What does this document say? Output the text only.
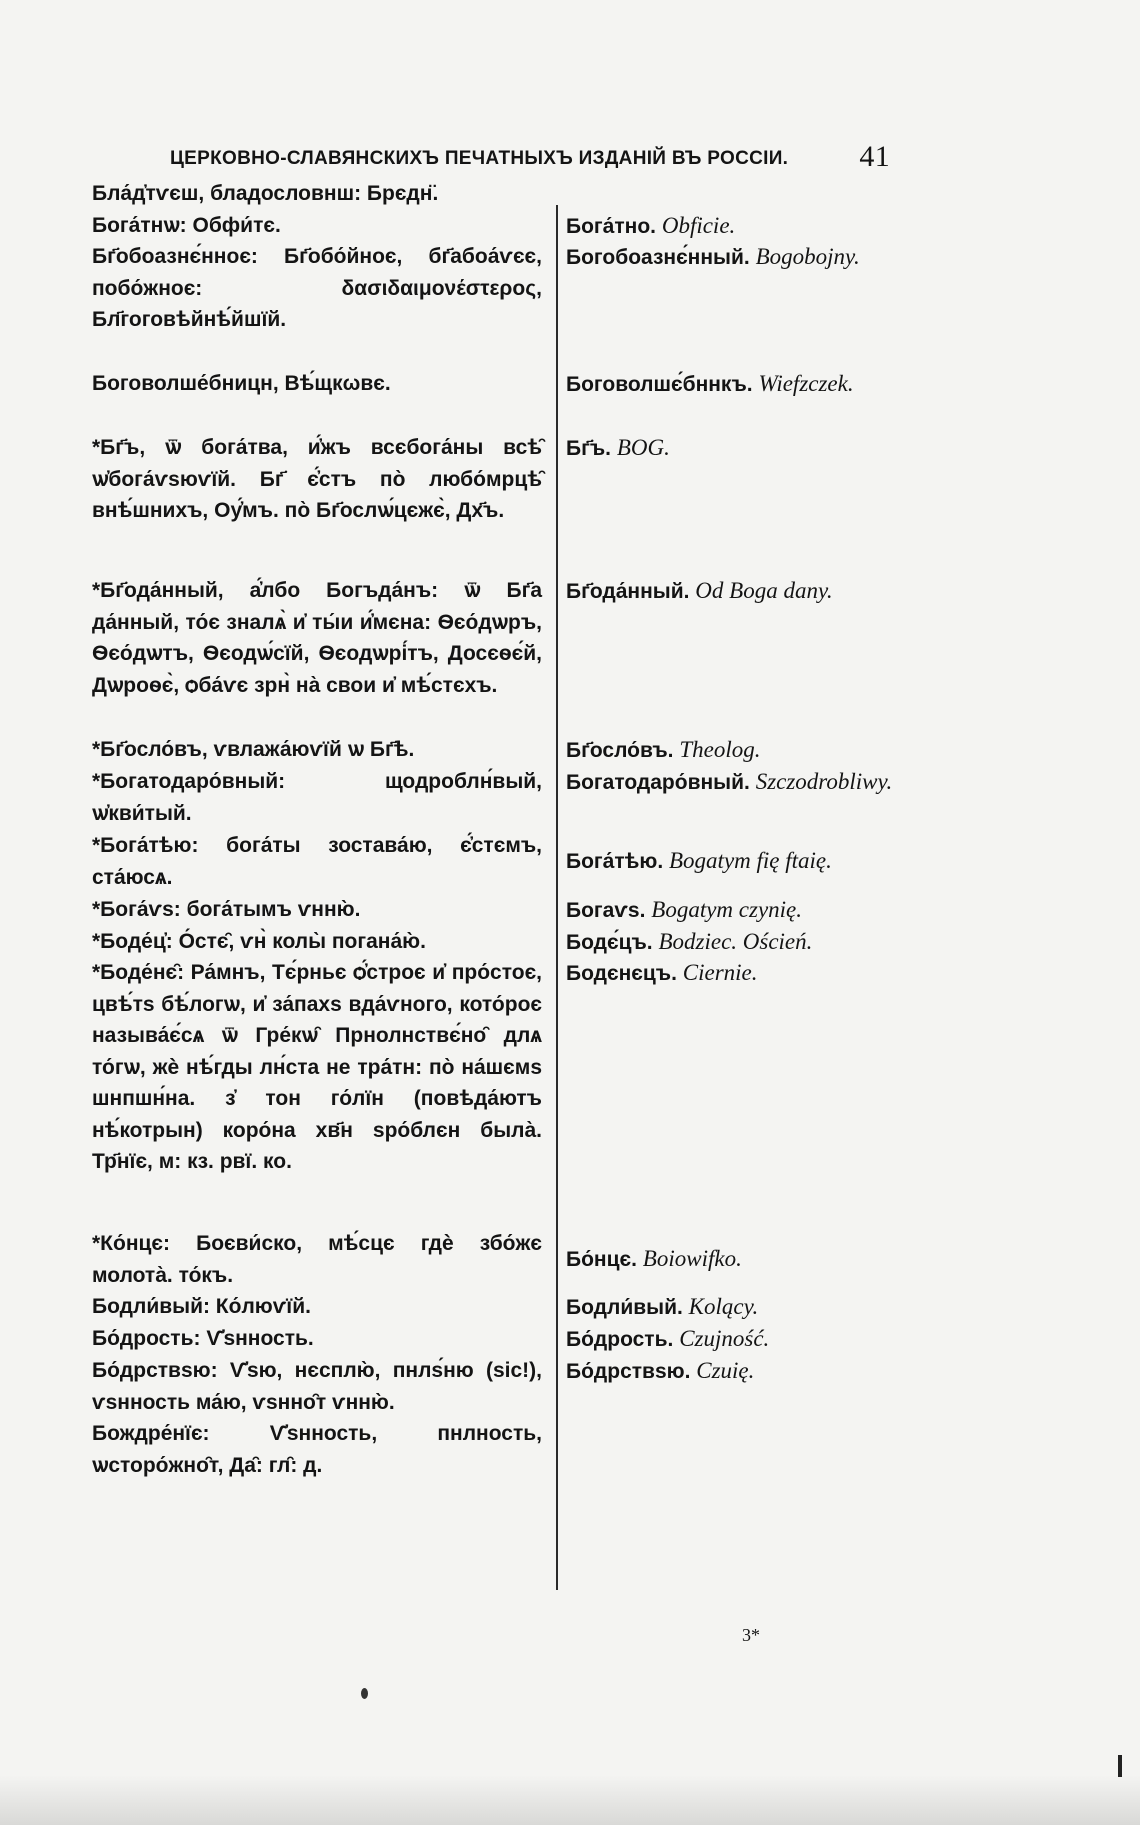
ЦЕРКОВНО-СЛАВЯНСКИХЪ ПЕЧАТНЫХЪ ИЗДАНІЙ ВЪ РОССІИ. 41

Бла́д҆тѵєш, бладословнш: Брєдн̈.

Бога́тнѡ: Обфи́тє.

Бг҃обоазнє́нноє: Бг҃обо́йноє, бг҃абоа́ѵєє, побо́жноє: δασιδαιμονέστερος, Бл҃гоговѣйнѣ́йшїй.

Боговолше́бницн, Вѣ́щкωвє.

*Бг҃ъ, ѿ бога́тва, и҆́жъ всєбога́ны всѣ̑ ѡ҆бога́ѵѕюѵїй. Бг҃ є҆́стъ по̀ любо́мрцѣ̑ внѣ́шнихъ, Оу҆́мъ. по̀ Бг҃ослѡ́цєжє̀, Дх҃ъ.

*Бг҃ода́нный, а҆́лбо Богъда́нъ: ѿ Бг҃а да́нный, то́є зналѧ̀ и҆ ты́и и҆́мєна: Ѳєо́дѡръ, Ѳєо́дѡтъ, Ѳєодѡ́сїй, Ѳєодѡрі́тъ, Досєѳє́й, Дѡроѳє̀, ѻба́ѵє зрн̀ на̀ свои и҆ мѣ́стєхъ.

*Бг҃осло́въ, ѵвлажа́юѵїй ѡ Бг҃ѣ.

*Богатодаро́вный: щодроблн́вый, ѡ҆кви́тый.

*Бога́тѣю: бога́ты зостава́ю, є҆́стємъ, ста́юсѧ.

*Бога́ѵѕ: бога́тымъ ѵнню̀.

*Боде́ц҆: О́стє̑, ѵн̀ колы̀ погана́ю̀.

*Боде́нє̑: Ра́мнъ, Тє́рньє ѻ҆́строє и҆ про́стоє, цвѣ́тѕ бѣ́логѡ, и҆ за́пахѕ вда́ѵного, кото́роє называ́є́сѧ ѿ Гре́кѡ̑ Прнолнствє́но̑ длѧ то́гѡ, жѐ нѣ́гды лн́ста не тра́тн: по̀ на́шємѕ шнпшн́на. з҆ тон го́лїн (повѣда́ютъ нѣ́котрын) коро́на хв҃н ѕро́блєн была̀. Тр҃нїє, м: кз. рвї. ко.

*Ко́нцє: Боєви́ско, мѣ́сцє гдѐ збо́жє молота̀. то́къ.

Бодли́вый: Ко́люѵїй.

Бо́дрость: Ѵ҆ѕнность.

Бо́дрствѕю: Ѵ҆ѕю, нєсплю̀, пнлѕ́ню (sic!), ѵѕнность ма́ю, ѵѕнно̑т ѵнню̀.

Бождре́нїє: Ѵ҆ѕнность, пнлность, ѡсторо́жно̑т, Да̑: гл̑: д.

Бога́тно. Obficie.
Богобоазнє́нный. Bogobojny.
Боговолшє́бннкъ. Wiefzczek.
Бг҃ъ. BOG.
Бг҃ода́нный. Od Boga dany.
Бг҃осло́въ. Theolog.
Богатодаро́вный. Szczodrobliwy.
Бога́тѣю. Bogatym fię ftaię.
Богаѵѕ. Bogatym czynię.
Бодє́цъ. Bodziec. Oścień.
Бодєнєцъ. Ciernie.
Бо́нцє. Boiowifko.
Бодли́вый. Kolący.
Бо́дрость. Czujność.
Бо́дрствѕю. Czuię.
3*
